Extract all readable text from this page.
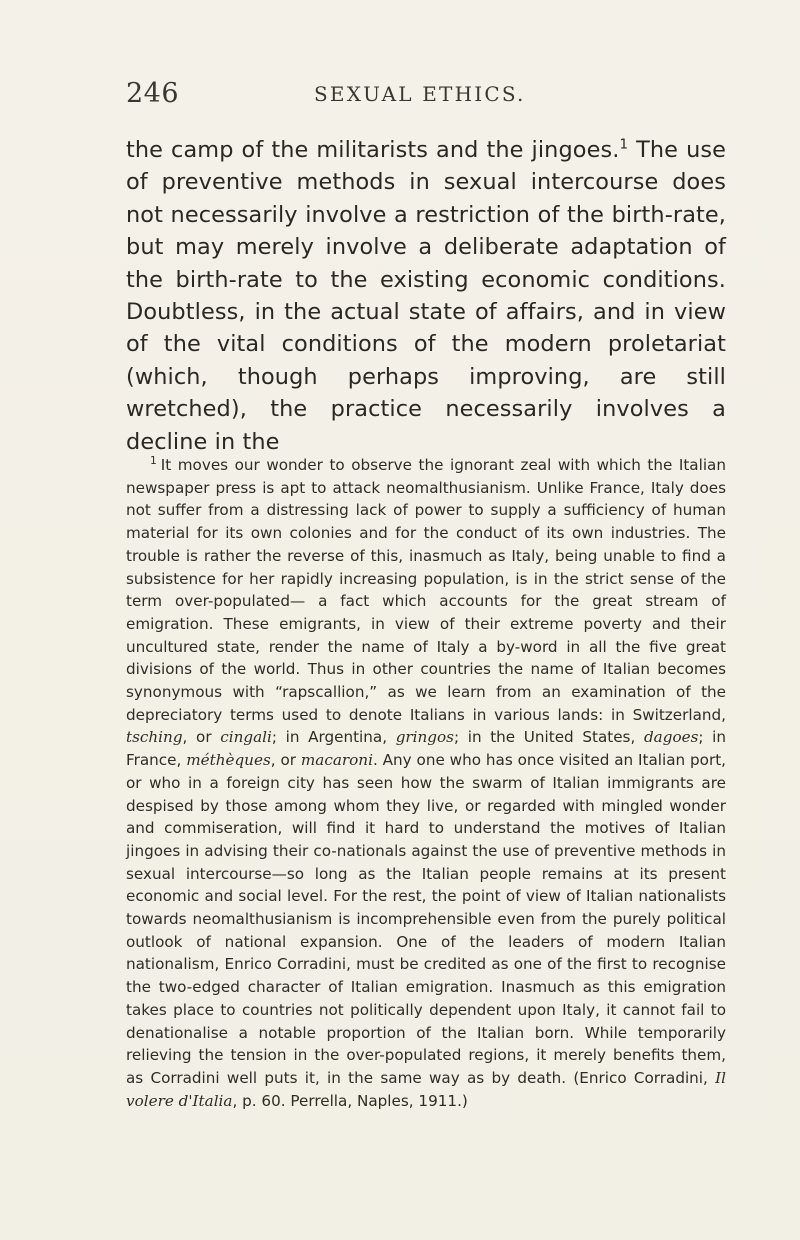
246	SEXUAL ETHICS.

the camp of the militarists and the jingoes.$^1$ The use of preventive methods in sexual intercourse does not necessarily involve a restriction of the birth-rate, but may merely involve a deliberate adaptation of the birth-rate to the existing economic conditions. Doubtless, in the actual state of affairs, and in view of the vital conditions of the modern proletariat (which, though perhaps improving, are still wretched), the practice necessarily involves a decline in the

$^1$ It moves our wonder to observe the ignorant zeal with which the Italian newspaper press is apt to attack neomalthusianism. Unlike France, Italy does not suffer from a distressing lack of power to supply a sufficiency of human material for its own colonies and for the conduct of its own industries. The trouble is rather the reverse of this, inasmuch as Italy, being unable to find a subsistence for her rapidly increasing population, is in the strict sense of the term over-populated— a fact which accounts for the great stream of emigration. These emigrants, in view of their extreme poverty and their uncultured state, render the name of Italy a by-word in all the five great divisions of the world. Thus in other countries the name of Italian becomes synonymous with “rapscallion,” as we learn from an examination of the depreciatory terms used to denote Italians in various lands: in Switzerland, tsching, or cingali; in Argentina, gringos; in the United States, dagoes; in France, méthèques, or macaroni. Any one who has once visited an Italian port, or who in a foreign city has seen how the swarm of Italian immigrants are despised by those among whom they live, or regarded with mingled wonder and commiseration, will find it hard to understand the motives of Italian jingoes in advising their co-nationals against the use of preventive methods in sexual intercourse—so long as the Italian people remains at its present economic and social level. For the rest, the point of view of Italian nationalists towards neomalthusianism is incomprehensible even from the purely political outlook of national expansion. One of the leaders of modern Italian nationalism, Enrico Corradini, must be credited as one of the first to recognise the two-edged character of Italian emigration. Inasmuch as this emigration takes place to countries not politically dependent upon Italy, it cannot fail to denationalise a notable proportion of the Italian born. While temporarily relieving the tension in the over-populated regions, it merely benefits them, as Corradini well puts it, in the same way as by death. (Enrico Corradini, Il volere d'Italia, p. 60. Perrella, Naples, 1911.)
